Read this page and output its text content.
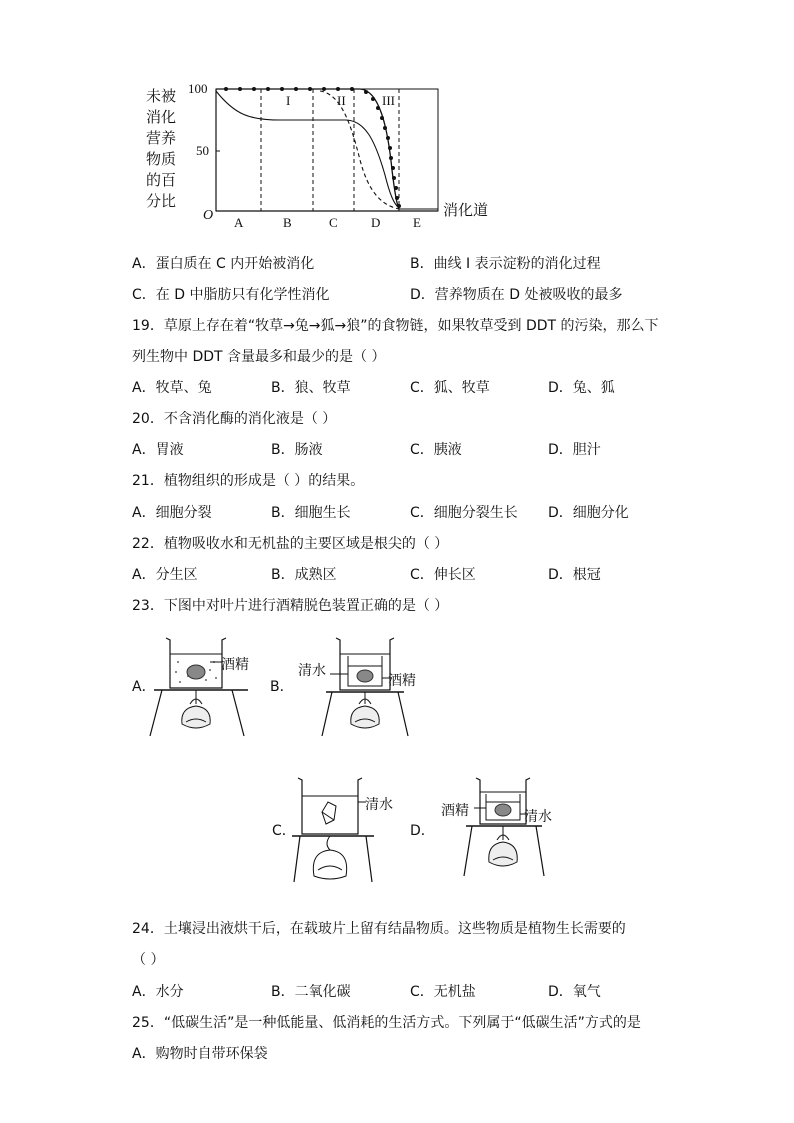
未被
消化
营养
物质
的百
分比
100
50
O A	B	C	D	E
消化道
I	II	III
A．蛋白质在 C 内开始被消化	B．曲线 I 表示淀粉的消化过程
C．在 D 中脂肪只有化学性消化	D．营养物质在 D 处被吸收的最多
19．草原上存在着“牧草→兔→狐→狼”的食物链，如果牧草受到 DDT 的污染，那么下
列生物中 DDT 含量最多和最少的是（ ）
A．牧草、兔	B．狼、牧草	C．狐、牧草	D．兔、狐
20．不含消化酶的消化液是（ ）
A．胃液	B．肠液	C．胰液	D．胆汁
21．植物组织的形成是（ ）的结果。
A．细胞分裂	B．细胞生长	C．细胞分裂生长 D．细胞分化
22．植物吸收水和无机盐的主要区域是根尖的（ ）
A．分生区	B．成熟区	C．伸长区	D．根冠
23．下图中对叶片进行酒精脱色装置正确的是（ ）
A．
酒精
B．
清水
酒精
C．
清水
D．
酒精	清水
24．土壤浸出液烘干后，在载玻片上留有结晶物质。这些物质是植物生长需要的
（ ）
A．水分	B．二氧化碳	C．无机盐	D．氧气
25．“低碳生活”是一种低能量、低消耗的生活方式。下列属于“低碳生活”方式的是
A．购物时自带环保袋
